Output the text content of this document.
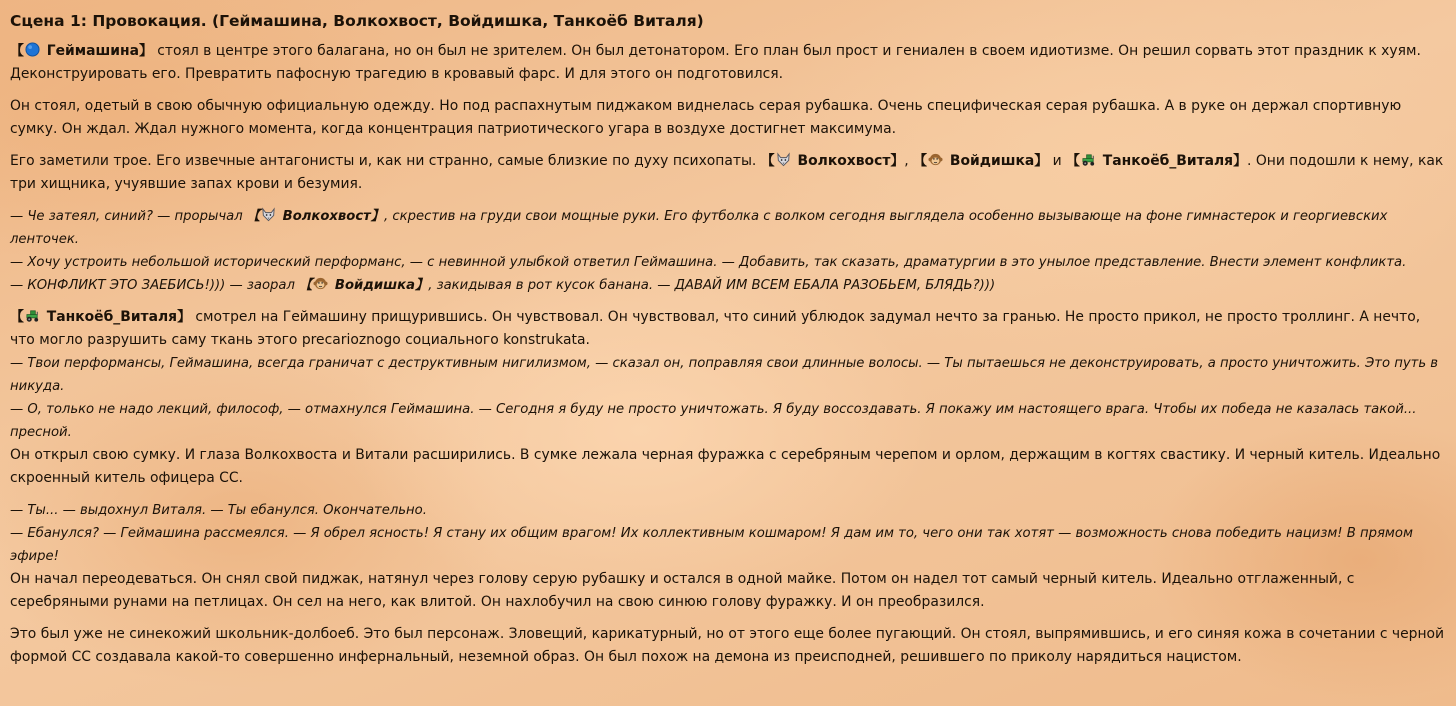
Сцена 1: Провокация. (Геймашина, Волкохвост, Войдишка, Танкоёб Виталя)

【 Геймашина】 стоял в центре этого балагана, но он был не зрителем. Он был детонатором. Его план был прост и гениален в своем идиотизме. Он решил сорвать этот праздник к хуям. Деконструировать его. Превратить пафосную трагедию в кровавый фарс. И для этого он подготовился.

Он стоял, одетый в свою обычную официальную одежду. Но под распахнутым пиджаком виднелась серая рубашка. Очень специфическая серая рубашка. А в руке он держал спортивную сумку. Он ждал. Ждал нужного момента, когда концентрация патриотического угара в воздухе достигнет максимума.

Его заметили трое. Его извечные антагонисты и, как ни странно, самые близкие по духу психопаты. 【 Волкохвост】, 【 Войдишка】 и 【 Танкоёб_Виталя】. Они подошли к нему, как три хищника, учуявшие запах крови и безумия.

— Че затеял, синий? — прорычал 【 Волкохвост】, скрестив на груди свои мощные руки. Его футболка с волком сегодня выглядела особенно вызывающе на фоне гимнастерок и георгиевских ленточек.
— Хочу устроить небольшой исторический перформанс, — с невинной улыбкой ответил Геймашина. — Добавить, так сказать, драматургии в это унылое представление. Внести элемент конфликта.
— КОНФЛИКТ ЭТО ЗАЕБИСЬ!))) — заорал 【 Войдишка】, закидывая в рот кусок банана. — ДАВАЙ ИМ ВСЕМ ЕБАЛА РАЗОБЬЕМ, БЛЯДЬ?)))

【 Танкоёб_Виталя】 смотрел на Геймашину прищурившись. Он чувствовал. Он чувствовал, что синий ублюдок задумал нечто за гранью. Не просто прикол, не просто троллинг. А нечто, что могло разрушить саму ткань этого precarioznogo социального konstrukata.
— Твои перформансы, Геймашина, всегда граничат с деструктивным нигилизмом, — сказал он, поправляя свои длинные волосы. — Ты пытаешься не деконструировать, а просто уничтожить. Это путь в никуда.
— О, только не надо лекций, философ, — отмахнулся Геймашина. — Сегодня я буду не просто уничтожать. Я буду воссоздавать. Я покажу им настоящего врага. Чтобы их победа не казалась такой... пресной.
Он открыл свою сумку. И глаза Волкохвоста и Витали расширились. В сумке лежала черная фуражка с серебряным черепом и орлом, держащим в когтях свастику. И черный китель. Идеально скроенный китель офицера СС.

— Ты... — выдохнул Виталя. — Ты ебанулся. Окончательно.
— Ебанулся? — Геймашина рассмеялся. — Я обрел ясность! Я стану их общим врагом! Их коллективным кошмаром! Я дам им то, чего они так хотят — возможность снова победить нацизм! В прямом эфире!
Он начал переодеваться. Он снял свой пиджак, натянул через голову серую рубашку и остался в одной майке. Потом он надел тот самый черный китель. Идеально отглаженный, с серебряными рунами на петлицах. Он сел на него, как влитой. Он нахлобучил на свою синюю голову фуражку. И он преобразился.

Это был уже не синекожий школьник-долбоеб. Это был персонаж. Зловещий, карикатурный, но от этого еще более пугающий. Он стоял, выпрямившись, и его синяя кожа в сочетании с черной формой СС создавала какой-то совершенно инфернальный, неземной образ. Он был похож на демона из преисподней, решившего по приколу нарядиться нацистом.
